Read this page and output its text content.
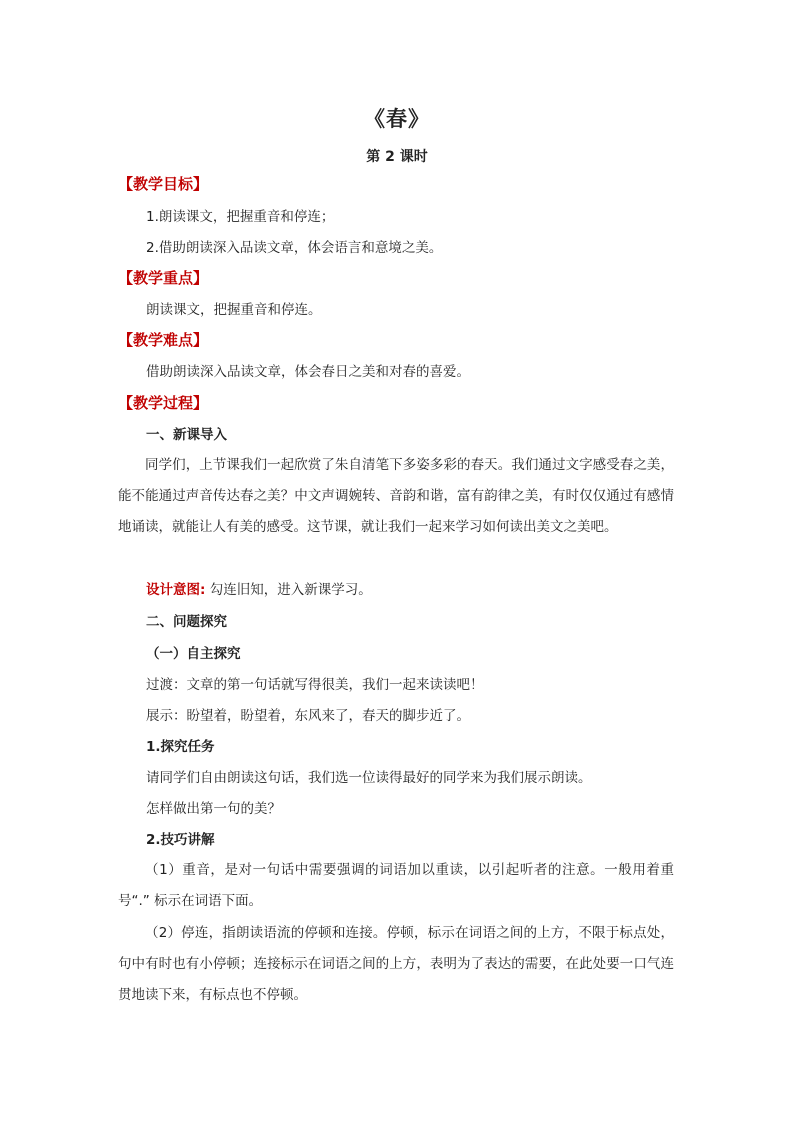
《春》
第 2 课时
【教学目标】
1.朗读课文，把握重音和停连；
2.借助朗读深入品读文章，体会语言和意境之美。
【教学重点】
朗读课文，把握重音和停连。
【教学难点】
借助朗读深入品读文章，体会春日之美和对春的喜爱。
【教学过程】
一、新课导入
同学们，上节课我们一起欣赏了朱自清笔下多姿多彩的春天。我们通过文字感受春之美，能不能通过声音传达春之美？中文声调婉转、音韵和谐，富有韵律之美，有时仅仅通过有感情地诵读，就能让人有美的感受。这节课，就让我们一起来学习如何读出美文之美吧。
设计意图: 勾连旧知，进入新课学习。
二、问题探究
（一）自主探究
过渡：文章的第一句话就写得很美，我们一起来读读吧！
展示：盼望着，盼望着，东风来了，春天的脚步近了。
1.探究任务
请同学们自由朗读这句话，我们选一位读得最好的同学来为我们展示朗读。
怎样做出第一句的美？
2.技巧讲解
（1）重音，是对一句话中需要强调的词语加以重读，以引起听者的注意。一般用着重号“.” 标示在词语下面。
（2）停连，指朗读语流的停顿和连接。停顿，标示在词语之间的上方，不限于标点处，句中有时也有小停顿；连接标示在词语之间的上方，表明为了表达的需要，在此处要一口气连贯地读下来，有标点也不停顿。
